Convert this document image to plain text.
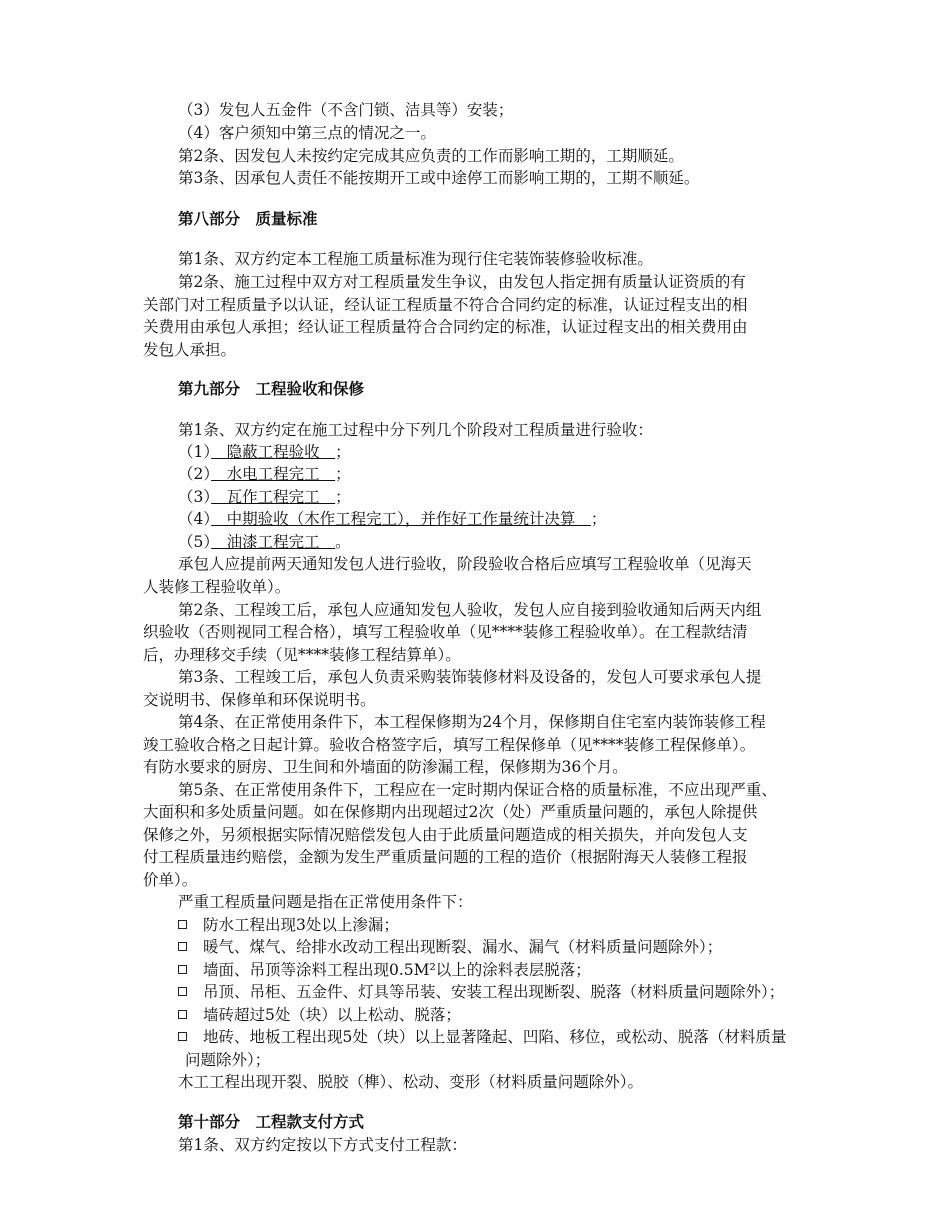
（3）发包人五金件（不含门锁、洁具等）安装；
（4）客户须知中第三点的情况之一。
第2条、因发包人未按约定完成其应负责的工作而影响工期的，工期顺延。
第3条、因承包人责任不能按期开工或中途停工而影响工期的，工期不顺延。
第八部分　质量标准
第1条、双方约定本工程施工质量标准为现行住宅装饰装修验收标准。
第2条、施工过程中双方对工程质量发生争议，由发包人指定拥有质量认证资质的有
关部门对工程质量予以认证，经认证工程质量不符合合同约定的标准，认证过程支出的相
关费用由承包人承担；经认证工程质量符合合同约定的标准，认证过程支出的相关费用由
发包人承担。
第九部分　工程验收和保修
第1条、双方约定在施工过程中分下列几个阶段对工程质量进行验收：
（1）　隐蔽工程验收　；
（2）　水电工程完工　；
（3）　瓦作工程完工　；
（4）　中期验收（木作工程完工），并作好工作量统计决算　；
（5）　油漆工程完工　。
承包人应提前两天通知发包人进行验收，阶段验收合格后应填写工程验收单（见海天
人装修工程验收单）。
第2条、工程竣工后，承包人应通知发包人验收，发包人应自接到验收通知后两天内组
织验收（否则视同工程合格），填写工程验收单（见****装修工程验收单）。在工程款结清
后，办理移交手续（见****装修工程结算单）。
第3条、工程竣工后，承包人负责采购装饰装修材料及设备的，发包人可要求承包人提
交说明书、保修单和环保说明书。
第4条、在正常使用条件下，本工程保修期为24个月，保修期自住宅室内装饰装修工程
竣工验收合格之日起计算。验收合格签字后，填写工程保修单（见****装修工程保修单）。
有防水要求的厨房、卫生间和外墙面的防渗漏工程，保修期为36个月。
第5条、在正常使用条件下，工程应在一定时期内保证合格的质量标准，不应出现严重、
大面积和多处质量问题。如在保修期内出现超过2次（处）严重质量问题的，承包人除提供
保修之外，另须根据实际情况赔偿发包人由于此质量问题造成的相关损失，并向发包人支
付工程质量违约赔偿，金额为发生严重质量问题的工程的造价（根据附海天人装修工程报
价单）。
严重工程质量问题是指在正常使用条件下：
防水工程出现3处以上渗漏；
暖气、煤气、给排水改动工程出现断裂、漏水、漏气（材料质量问题除外）；
墙面、吊顶等涂料工程出现0.5M²以上的涂料表层脱落；
吊顶、吊柜、五金件、灯具等吊装、安装工程出现断裂、脱落（材料质量问题除外）；
墙砖超过5处（块）以上松动、脱落；
地砖、地板工程出现5处（块）以上显著隆起、凹陷、移位，或松动、脱落（材料质量
问题除外）；
木工工程出现开裂、脱胶（榫）、松动、变形（材料质量问题除外）。
第十部分　工程款支付方式
第1条、双方约定按以下方式支付工程款：
